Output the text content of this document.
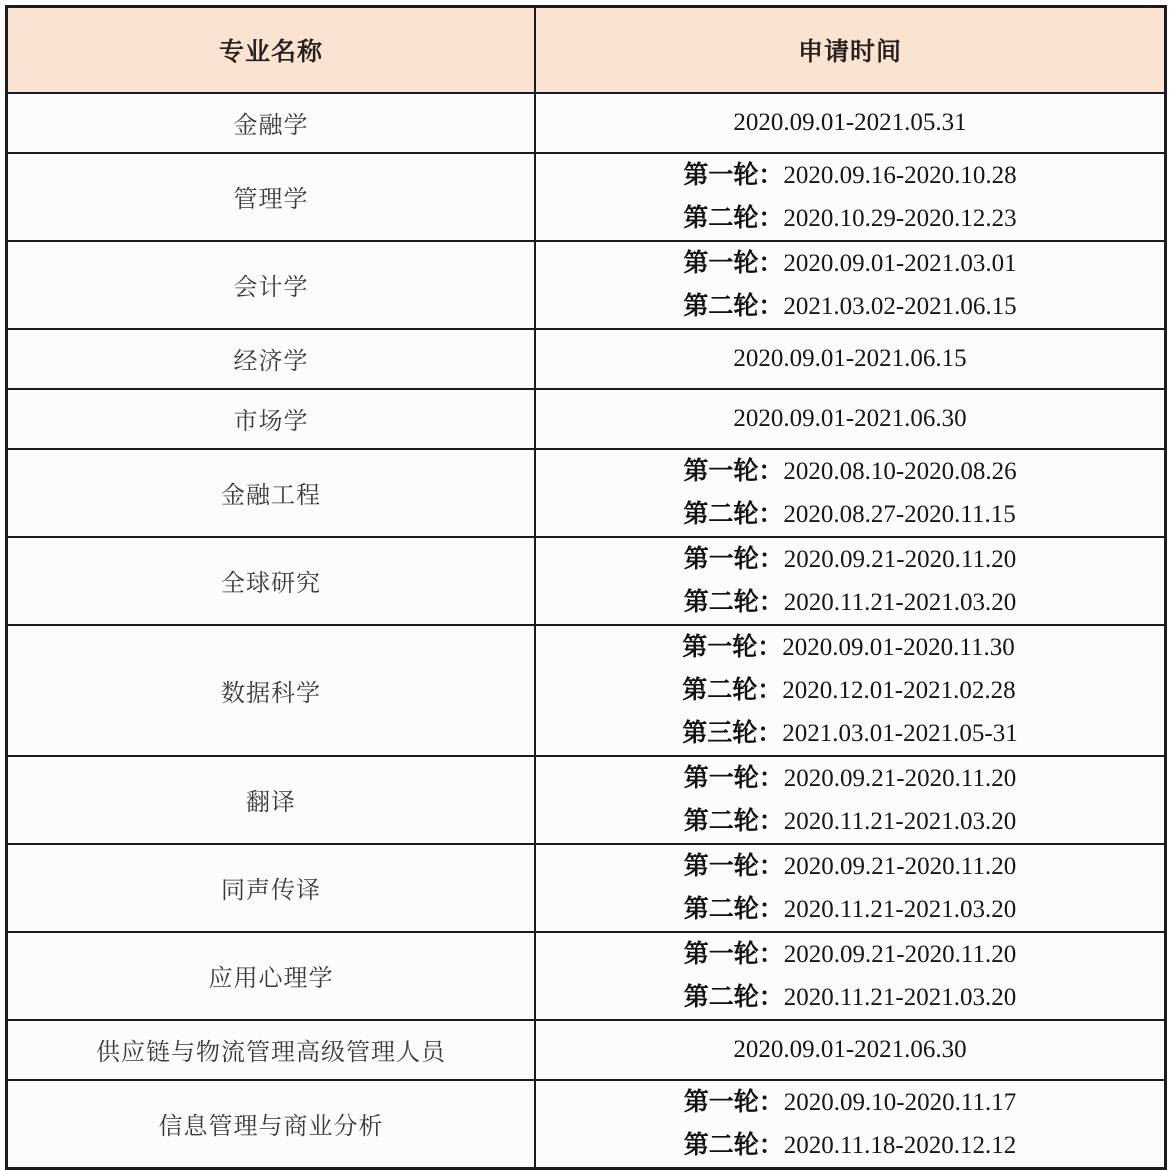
专业名称	申请时间
金融学	2020.09.01-2021.05.31

管理学	第一轮：2020.09.16-2020.10.28
第二轮：2020.10.29-2020.12.23

会计学	第一轮：2020.09.01-2021.03.01
第二轮：2021.03.02-2021.06.15

经济学	2020.09.01-2021.06.15

市场学	2020.09.01-2021.06.30

金融工程	第一轮：2020.08.10-2020.08.26
第二轮：2020.08.27-2020.11.15

全球研究	第一轮：2020.09.21-2020.11.20
第二轮：2020.11.21-2021.03.20

数据科学	第一轮：2020.09.01-2020.11.30
第二轮：2020.12.01-2021.02.28
第三轮：2021.03.01-2021.05-31

翻译	第一轮：2020.09.21-2020.11.20
第二轮：2020.11.21-2021.03.20

同声传译	第一轮：2020.09.21-2020.11.20
第二轮：2020.11.21-2021.03.20

应用心理学	第一轮：2020.09.21-2020.11.20
第二轮：2020.11.21-2021.03.20

供应链与物流管理高级管理人员	2020.09.01-2021.06.30

信息管理与商业分析	第一轮：2020.09.10-2020.11.17
第二轮：2020.11.18-2020.12.12
